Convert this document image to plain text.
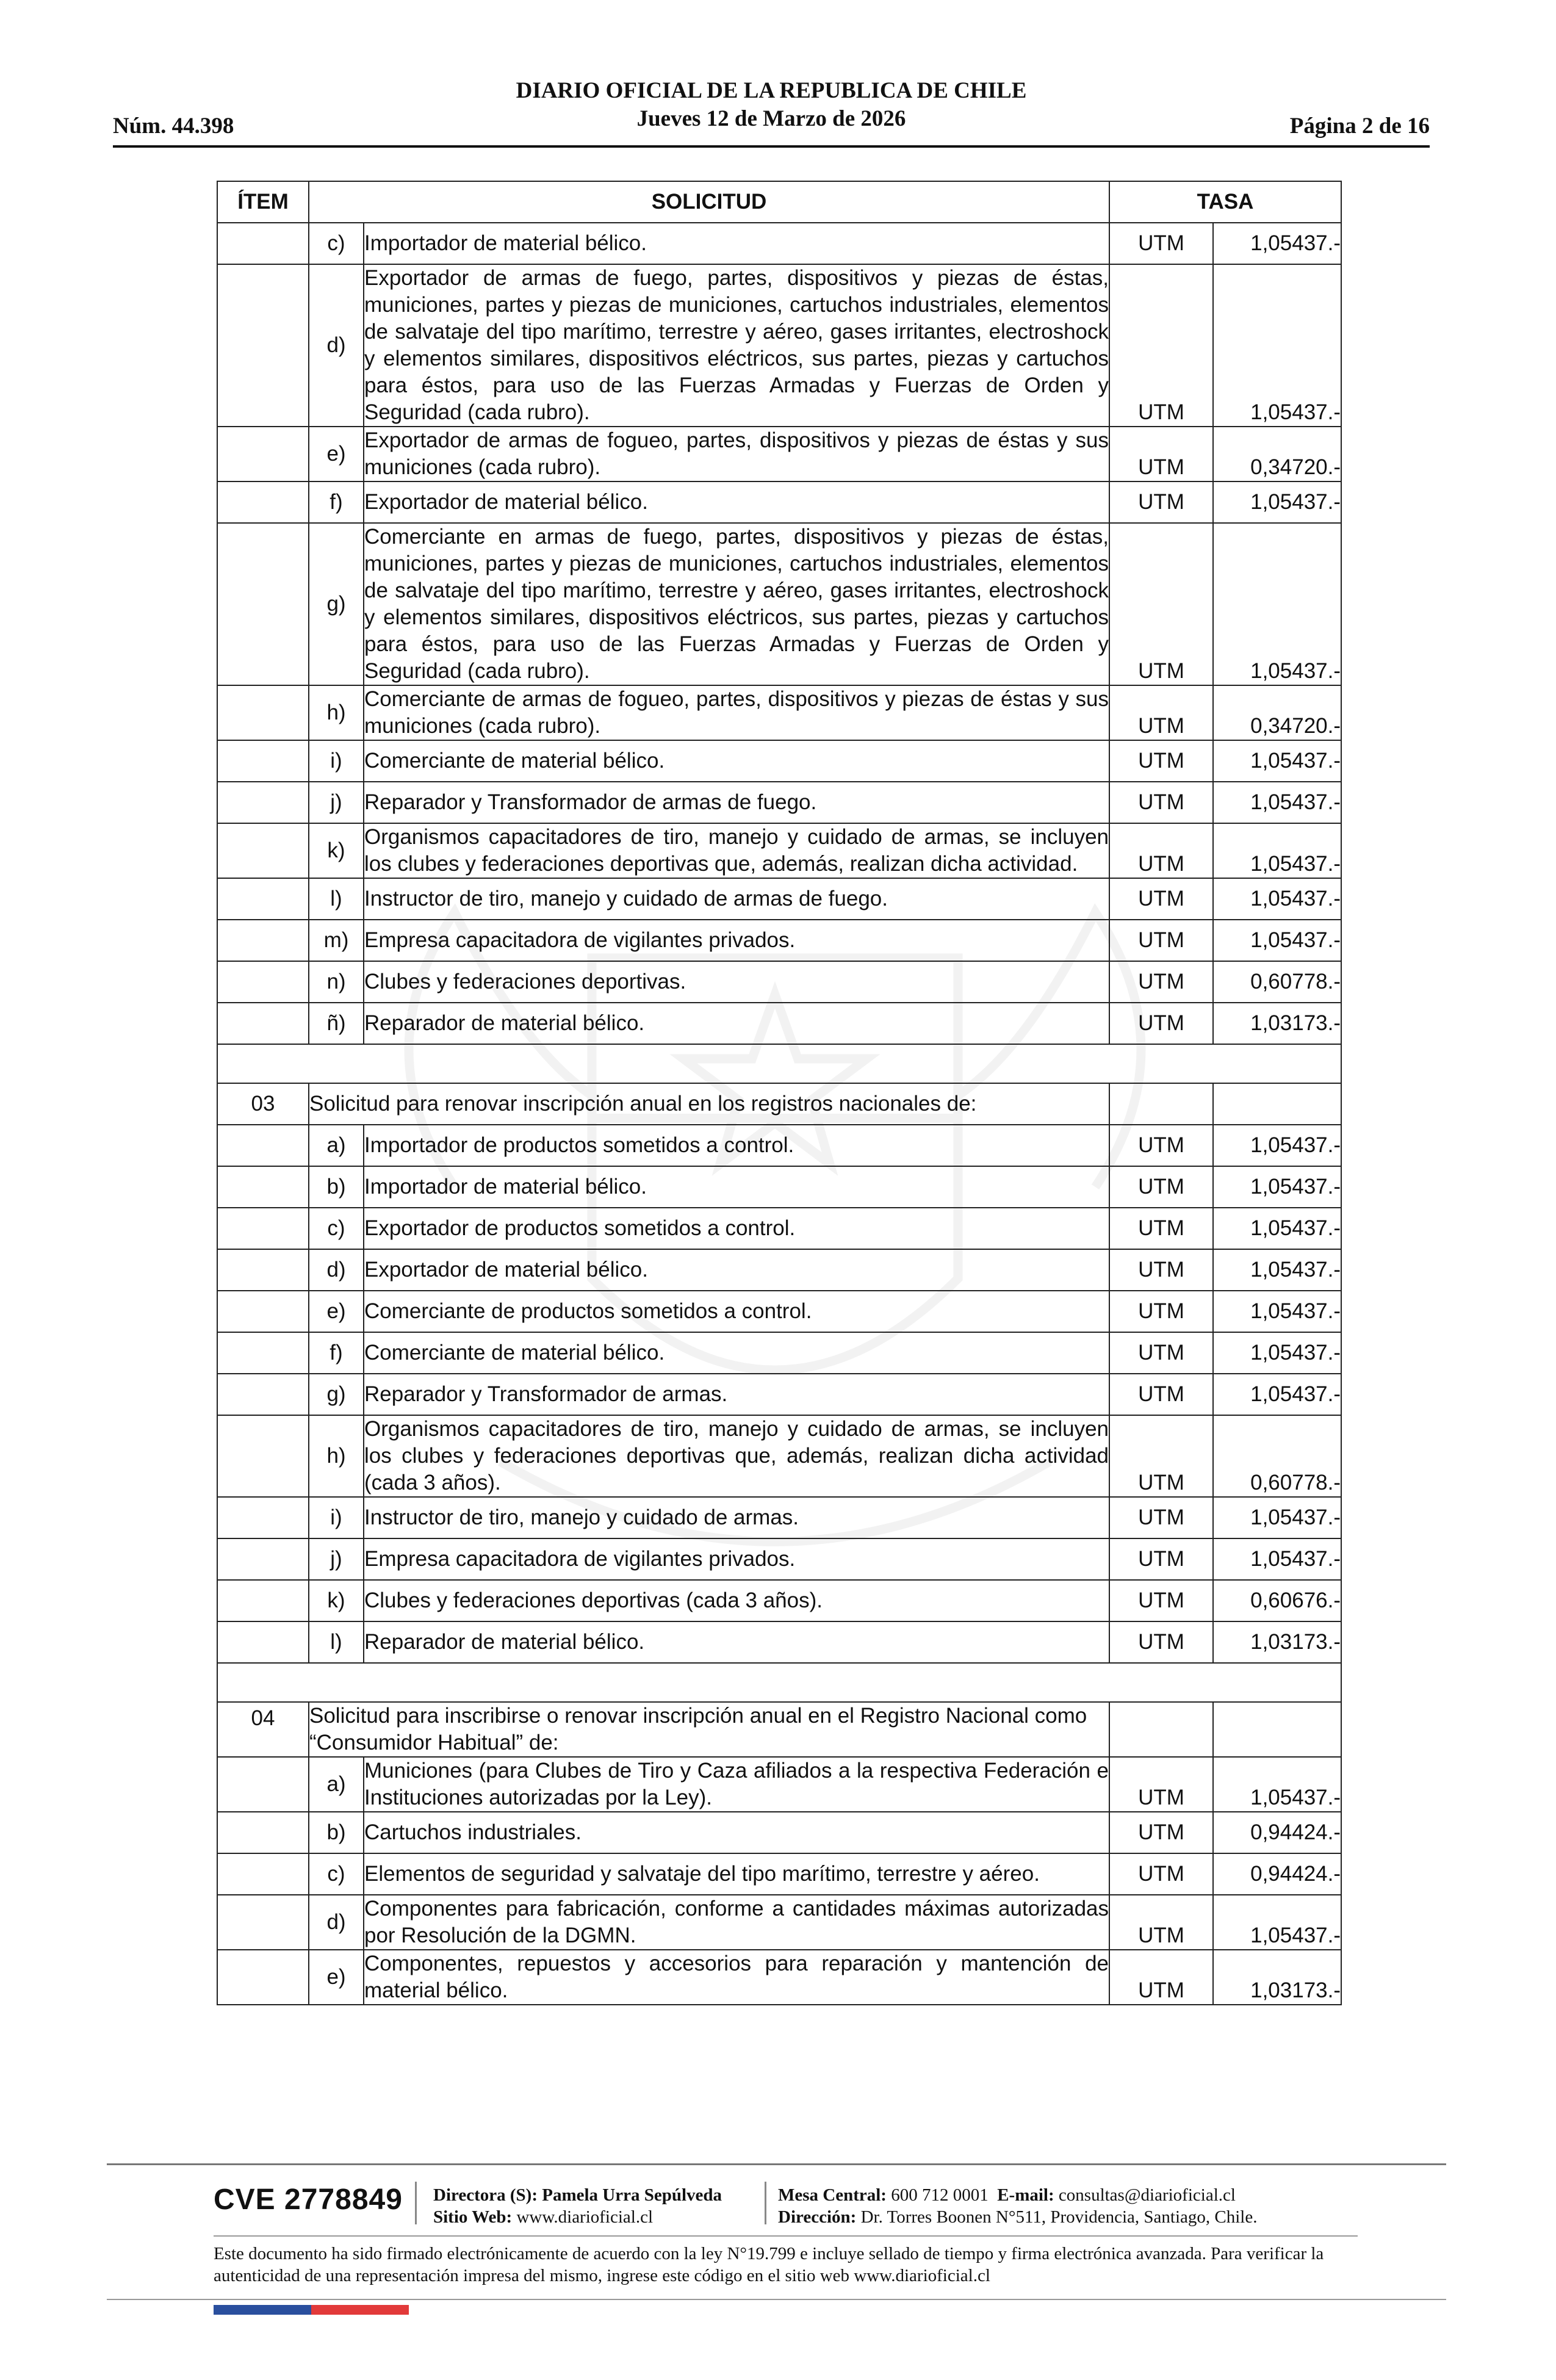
Núm. 44.398
DIARIO OFICIAL DE LA REPUBLICA DE CHILE
Jueves 12 de Marzo de 2026	Página 2 de 16
ÍTEM	SOLICITUD		TASA	
	c)	Importador de material bélico.	UTM	1,05437.-
	d)	Exportador de armas de fuego, partes, dispositivos y piezas de éstas, municiones, partes y piezas de municiones, cartuchos industriales, elementos de salvataje del tipo marítimo, terrestre y aéreo, gases irritantes, electroshock y elementos similares, dispositivos eléctricos, sus partes, piezas y cartuchos para éstos, para uso de las Fuerzas Armadas y Fuerzas de Orden y Seguridad (cada rubro).	UTM	1,05437.-
	e)	Exportador de armas de fogueo, partes, dispositivos y piezas de éstas y sus municiones (cada rubro).	UTM	0,34720.-
	f)	Exportador de material bélico.	UTM	1,05437.-
	g)	Comerciante en armas de fuego, partes, dispositivos y piezas de éstas, municiones, partes y piezas de municiones, cartuchos industriales, elementos de salvataje del tipo marítimo, terrestre y aéreo, gases irritantes, electroshock y elementos similares, dispositivos eléctricos, sus partes, piezas y cartuchos para éstos, para uso de las Fuerzas Armadas y Fuerzas de Orden y Seguridad (cada rubro).	UTM	1,05437.-
	h)	Comerciante de armas de fogueo, partes, dispositivos y piezas de éstas y sus municiones (cada rubro).	UTM	0,34720.-
	i)	Comerciante de material bélico.	UTM	1,05437.-
	j)	Reparador y Transformador de armas de fuego.	UTM	1,05437.-
	k)	Organismos capacitadores de tiro, manejo y cuidado de armas, se incluyen los clubes y federaciones deportivas que, además, realizan dicha actividad.	UTM	1,05437.-
	l)	Instructor de tiro, manejo y cuidado de armas de fuego.	UTM	1,05437.-
	m)	Empresa capacitadora de vigilantes privados.	UTM	1,05437.-
	n)	Clubes y federaciones deportivas.	UTM	0,60778.-
	ñ)	Reparador de material bélico.	UTM	1,03173.-

03	Solicitud para renovar inscripción anual en los registros nacionales de:			
	a)	Importador de productos sometidos a control.	UTM	1,05437.-
	b)	Importador de material bélico.	UTM	1,05437.-
	c)	Exportador de productos sometidos a control.	UTM	1,05437.-
	d)	Exportador de material bélico.	UTM	1,05437.-
	e)	Comerciante de productos sometidos a control.	UTM	1,05437.-
	f)	Comerciante de material bélico.	UTM	1,05437.-
	g)	Reparador y Transformador de armas.	UTM	1,05437.-
	h)	Organismos capacitadores de tiro, manejo y cuidado de armas, se incluyen los clubes y federaciones deportivas que, además, realizan dicha actividad (cada 3 años).	UTM	0,60778.-
	i)	Instructor de tiro, manejo y cuidado de armas.	UTM	1,05437.-
	j)	Empresa capacitadora de vigilantes privados.	UTM	1,05437.-
	k)	Clubes y federaciones deportivas (cada 3 años).	UTM	0,60676.-
	l)	Reparador de material bélico.	UTM	1,03173.-

04	Solicitud para inscribirse o renovar inscripción anual en el Registro Nacional como “Consumidor Habitual” de:			
	a)	Municiones (para Clubes de Tiro y Caza afiliados a la respectiva Federación e Instituciones autorizadas por la Ley).	UTM	1,05437.-
	b)	Cartuchos industriales.	UTM	0,94424.-
	c)	Elementos de seguridad y salvataje del tipo marítimo, terrestre y aéreo.	UTM	0,94424.-
	d)	Componentes para fabricación, conforme a cantidades máximas autorizadas por Resolución de la DGMN.	UTM	1,05437.-
	e)	Componentes, repuestos y accesorios para reparación y mantención de material bélico.	UTM	1,03173.-
CVE 2778849 Directora (S): Pamela Urra Sepúlveda
Sitio Web: www.diarioficial.cl
Mesa Central: 600 712 0001 E-mail: consultas@diarioficial.cl
Dirección: Dr. Torres Boonen N°511, Providencia, Santiago, Chile.
Este documento ha sido firmado electrónicamente de acuerdo con la ley N°19.799 e incluye sellado de tiempo y firma electrónica avanzada. Para verificar la autenticidad de una representación impresa del mismo, ingrese este código en el sitio web www.diarioficial.cl
